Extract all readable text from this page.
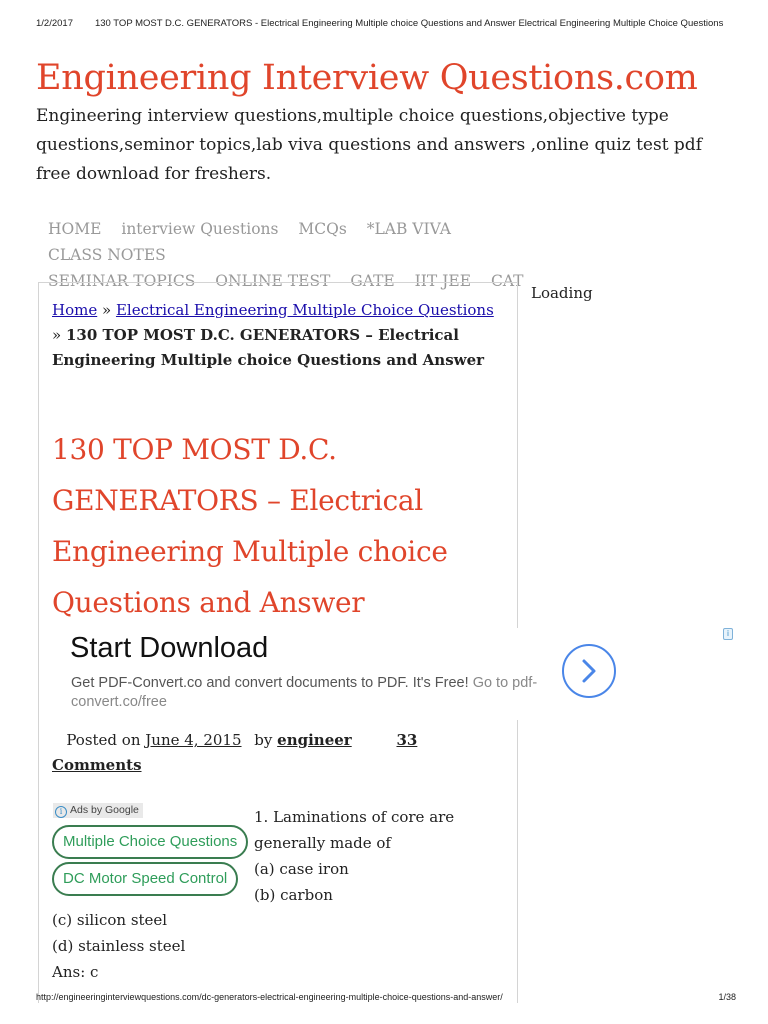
1/2/2017 130 TOP MOST D.C. GENERATORS - Electrical Engineering Multiple choice Questions and Answer Electrical Engineering Multiple Choice Questions
Engineering Interview Questions.com

Engineering interview questions,multiple choice questions,objective type questions,seminor topics,lab viva questions and answers ,online quiz test pdf free download for freshers.

HOME interview Questions MCQs *LAB VIVA CLASS NOTES
SEMINAR TOPICS ONLINE TEST GATE IIT JEE CAT
Loading
Home » Electrical Engineering Multiple Choice Questions » 130 TOP MOST D.C. GENERATORS – Electrical Engineering Multiple choice Questions and Answer
130 TOP MOST D.C. GENERATORS – Electrical Engineering Multiple choice Questions and Answer
Start Download
Get PDF-Convert.co and convert documents to PDF. It's Free! Go to pdf-convert.co/free
i
Posted on June 4, 2015 by engineer	33
Comments
i Ads by Google
Multiple Choice Questions
DC Motor Speed Control
1. Laminations of core are generally made of
(a) case iron
(b) carbon
(c) silicon steel
(d) stainless steel
Ans: c
http://engineeringinterviewquestions.com/dc-generators-electrical-engineering-multiple-choice-questions-and-answer/	1/38
